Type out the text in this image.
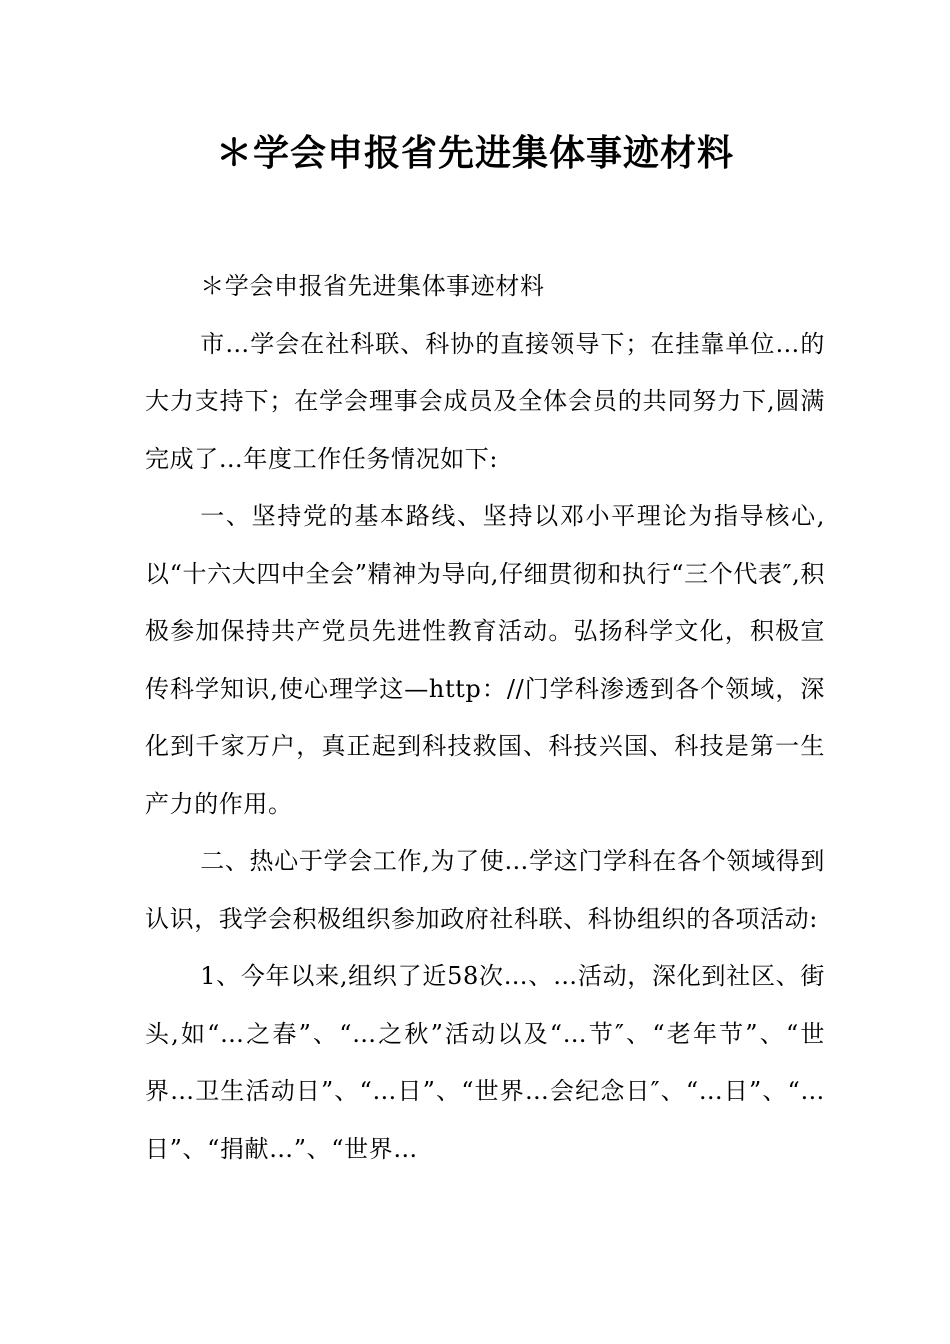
＊学会申报省先进集体事迹材料

＊学会申报省先进集体事迹材料

市…学会在社科联、科协的直接领导下；在挂靠单位…的大力支持下；在学会理事会成员及全体会员的共同努力下,圆满完成了…年度工作任务情况如下:

一、坚持党的基本路线、坚持以邓小平理论为指导核心,以“十六大四中全会”精神为导向,仔细贯彻和执行“三个代表″,积极参加保持共产党员先进性教育活动。弘扬科学文化，积极宣传科学知识,使心理学这—http：//门学科渗透到各个领域，深化到千家万户，真正起到科技救国、科技兴国、科技是第一生产力的作用。

二、热心于学会工作,为了使…学这门学科在各个领域得到认识，我学会积极组织参加政府社科联、科协组织的各项活动:

1、今年以来,组织了近58次…、…活动，深化到社区、街头,如“…之春”、“…之秋”活动以及“…节″、“老年节”、“世界…卫生活动日”、“…日”、“世界…会纪念日″、“…日”、“…日”、“捐献…”、“世界…
